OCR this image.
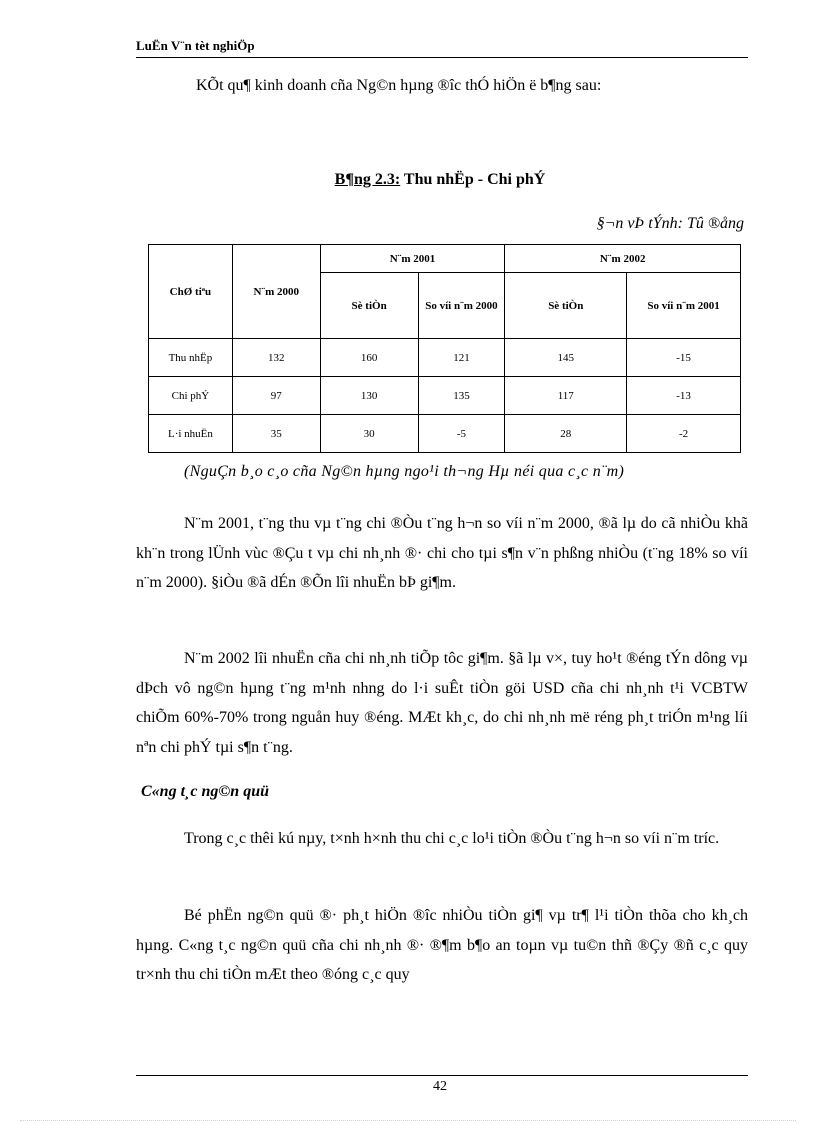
LuËn V¨n tèt nghiÖp
KÕt qu¶ kinh doanh cña Ng©n hµng ®îc thÓ hiÖn ë b¶ng sau:
B¶ng 2.3: Thu nhËp - Chi phÝ
§¬n vÞ tÝnh: Tû ®ång
ChØ tiªu	N¨m 2000	N¨m 2001		N¨m 2002	
		Sè tiÒn	So víi n¨m 2000	Sè tiÒn	So víi n¨m 2001
Thu nhËp	132	160	121	145	-15
Chi phÝ	97	130	135	117	-13
L·i nhuËn	35	30	-5	28	-2
(NguÇn b¸o c¸o cña Ng©n hµng ngo¹i th¬ng Hµ néi qua c¸c n¨m)

N¨m 2001, t¨ng thu vµ t¨ng chi ®Òu t¨ng h¬n so víi n¨m 2000, ®ã lµ do cã nhiÒu khã kh¨n trong lÜnh vùc ®Çu t vµ chi nh¸nh ®· chi cho tµi s¶n v¨n phßng nhiÒu (t¨ng 18% so víi n¨m 2000). §iÒu ®ã dÉn ®Õn lîi nhuËn bÞ gi¶m.

N¨m 2002 lîi nhuËn cña chi nh¸nh tiÕp tôc gi¶m. §ã lµ v×, tuy ho¹t ®éng tÝn dông vµ dÞch vô ng©n hµng t¨ng m¹nh nhng do l·i suÊt tiÒn göi USD cña chi nh¸nh t¹i VCBTW chiÕm 60%-70% trong nguån huy ®éng. MÆt kh¸c, do chi nh¸nh më réng ph¸t triÓn m¹ng líi nªn chi phÝ tµi s¶n t¨ng.

C«ng t¸c ng©n quü

Trong c¸c thêi kú nµy, t×nh h×nh thu chi c¸c lo¹i tiÒn ®Òu t¨ng h¬n so víi n¨m tríc.

Bé phËn ng©n quü ®· ph¸t hiÖn ®îc nhiÒu tiÒn gi¶ vµ tr¶ l¹i tiÒn thõa cho kh¸ch hµng. C«ng t¸c ng©n quü cña chi nh¸nh ®· ®¶m b¶o an toµn vµ tu©n thñ ®Çy ®ñ c¸c quy tr×nh thu chi tiÒn mÆt theo ®óng c¸c quy

42
